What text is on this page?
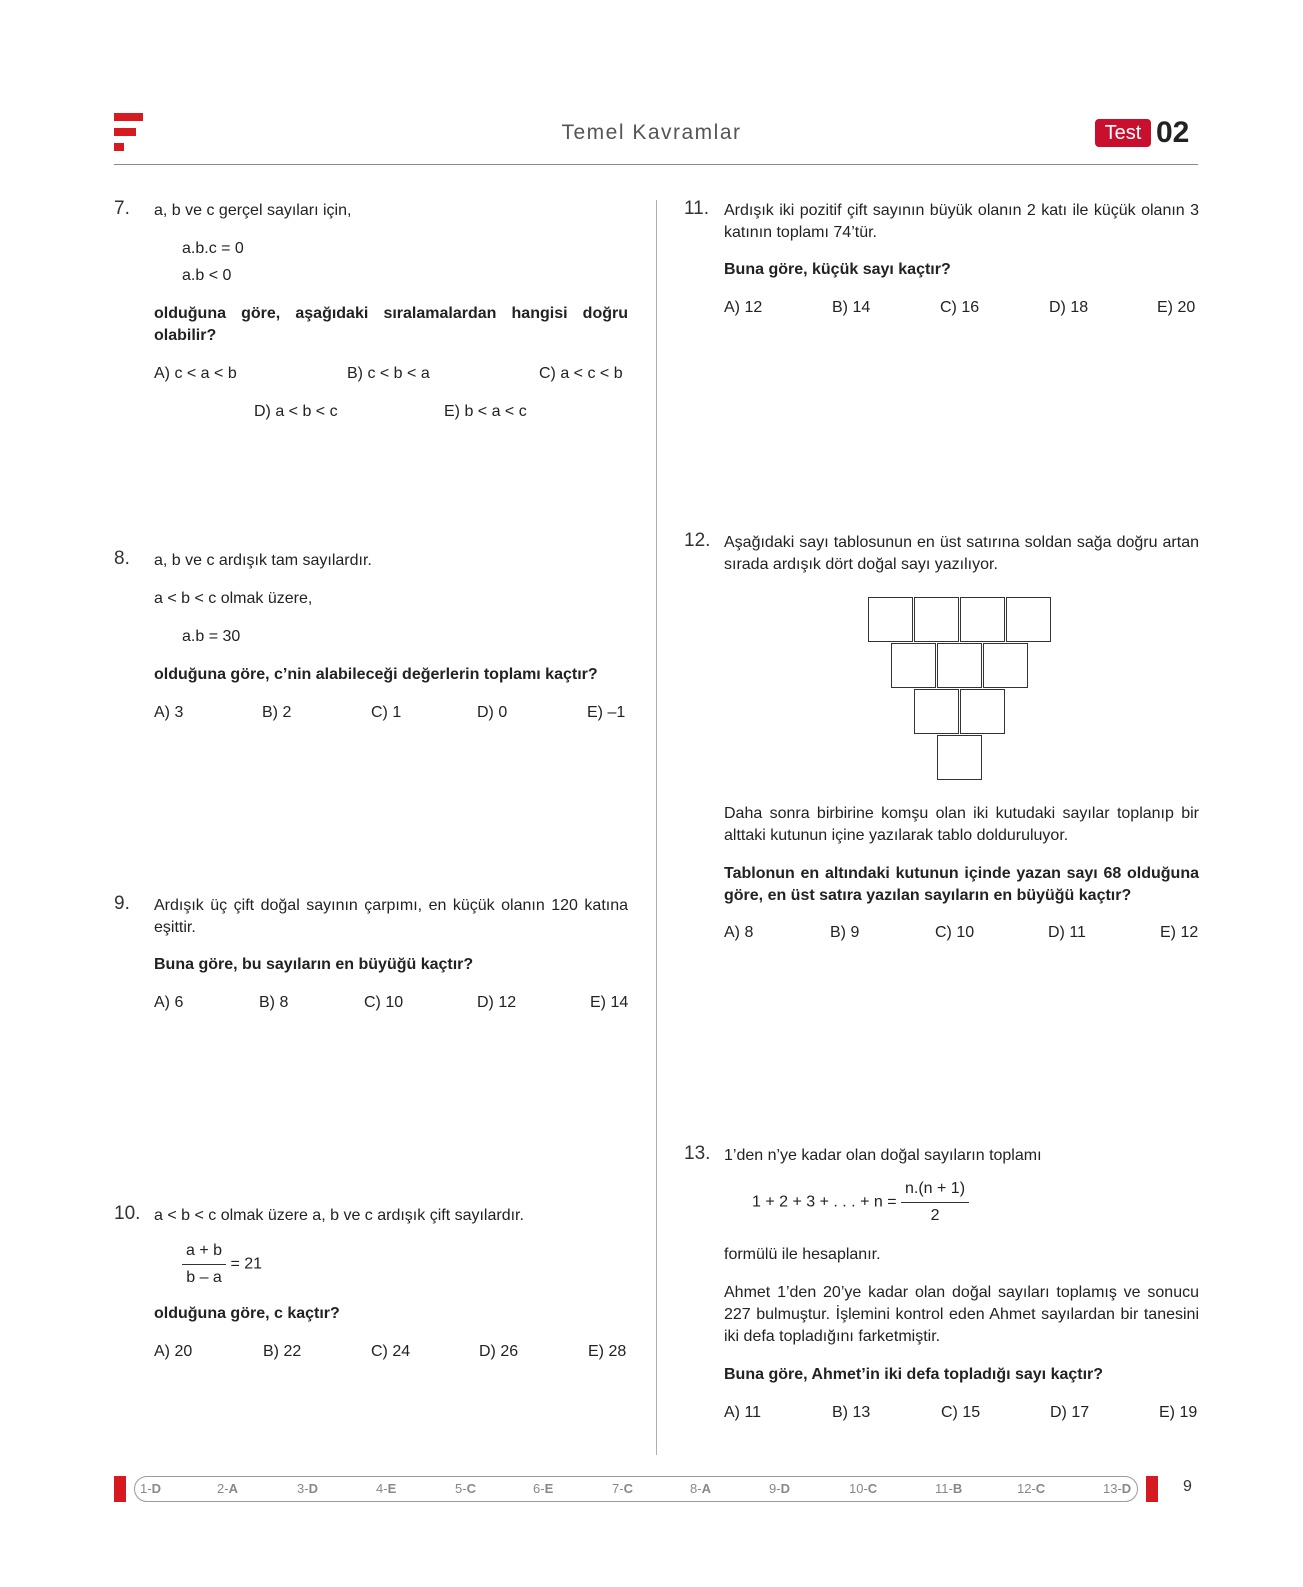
Temel Kavramlar	Test 02
7. a, b ve c gerçel sayıları için,
a.b.c = 0
a.b < 0
olduğuna göre, aşağıdaki sıralamalardan hangisi doğru olabilir?
A) c < a < b	B) c < b < a	C) a < c < b
D) a < b < c	E) b < a < c
8. a, b ve c ardışık tam sayılardır.
a < b < c olmak üzere,
a.b = 30
olduğuna göre, c’nin alabileceği değerlerin toplamı kaçtır?
A) 3	B) 2	C) 1	D) 0	E) –1
9. Ardışık üç çift doğal sayının çarpımı, en küçük olanın 120 katına eşittir.
Buna göre, bu sayıların en büyüğü kaçtır?
A) 6	B) 8	C) 10	D) 12	E) 14
10. a < b < c olmak üzere a, b ve c ardışık çift sayılardır.
$\frac{a + b}{b - a} = 21$
olduğuna göre, c kaçtır?
A) 20	B) 22	C) 24	D) 26	E) 28
11. Ardışık iki pozitif çift sayının büyük olanın 2 katı ile küçük olanın 3 katının toplamı 74’tür.
Buna göre, küçük sayı kaçtır?
A) 12	B) 14	C) 16	D) 18	E) 20
12. Aşağıdaki sayı tablosunun en üst satırına soldan sağa doğru artan sırada ardışık dört doğal sayı yazılıyor.
Daha sonra birbirine komşu olan iki kutudaki sayılar toplanıp bir alttaki kutunun içine yazılarak tablo dolduruluyor.
Tablonun en altındaki kutunun içinde yazan sayı 68 olduğuna göre, en üst satıra yazılan sayıların en büyüğü kaçtır?
A) 8	B) 9	C) 10	D) 11	E) 12
13. 1’den n’ye kadar olan doğal sayıların toplamı
1 + 2 + 3 + . . . + $n = \frac{n.(n + 1)}{2}$
formülü ile hesaplanır.
Ahmet 1’den 20’ye kadar olan doğal sayıları toplamış ve sonucu 227 bulmuştur. İşlemini kontrol eden Ahmet sayılardan bir tanesini iki defa topladığını farketmiştir.
Buna göre, Ahmet’in iki defa topladığı sayı kaçtır?
A) 11	B) 13	C) 15	D) 17	E) 19
1-D	2-A	3-D	4-E	5-C	6-E	7-C	8-A	9-D	10-C	11-B	12-C	13-D	9
